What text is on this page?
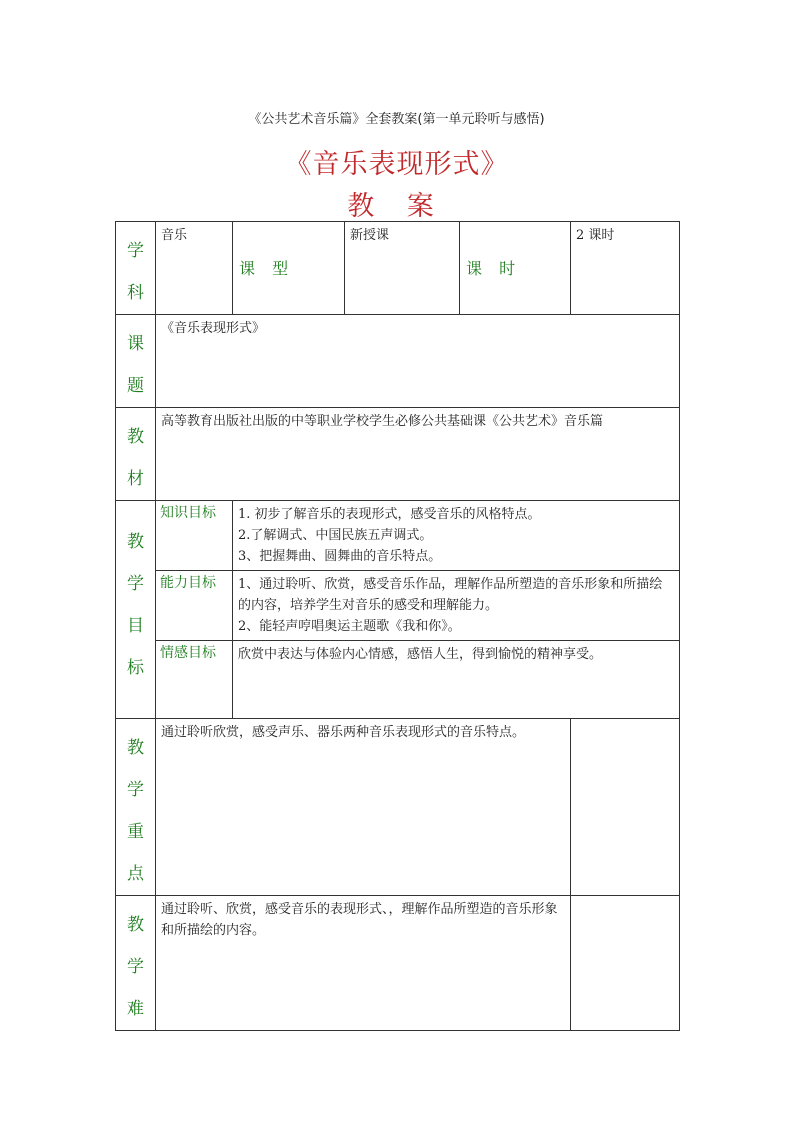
《公共艺术音乐篇》全套教案(第一单元聆听与感悟)
《音乐表现形式》
教 案
学
科	音乐	课 型	新授课	课 时	2 课时

课
题	《音乐表现形式》				

教
材	高等教育出版社出版的中等职业学校学生必修公共基础课《公共艺术》音乐篇				

教
学
目
标	知识目标	1. 初步了解音乐的表现形式，感受音乐的风格特点。
2.了解调式、中国民族五声调式。
3、把握舞曲、圆舞曲的音乐特点。			

	能力目标	1、通过聆听、欣赏，感受音乐作品，理解作品所塑造的音乐形象和所描绘的内容，培养学生对音乐的感受和理解能力。
2、能轻声哼唱奥运主题歌《我和你》。			

	情感目标	欣赏中表达与体验内心情感，感悟人生，得到愉悦的精神享受。			

教
学
重
点	通过聆听欣赏，感受声乐、器乐两种音乐表现形式的音乐特点。				

教
学
难	通过聆听、欣赏，感受音乐的表现形式、，理解作品所塑造的音乐形象和所描绘的内容。				
